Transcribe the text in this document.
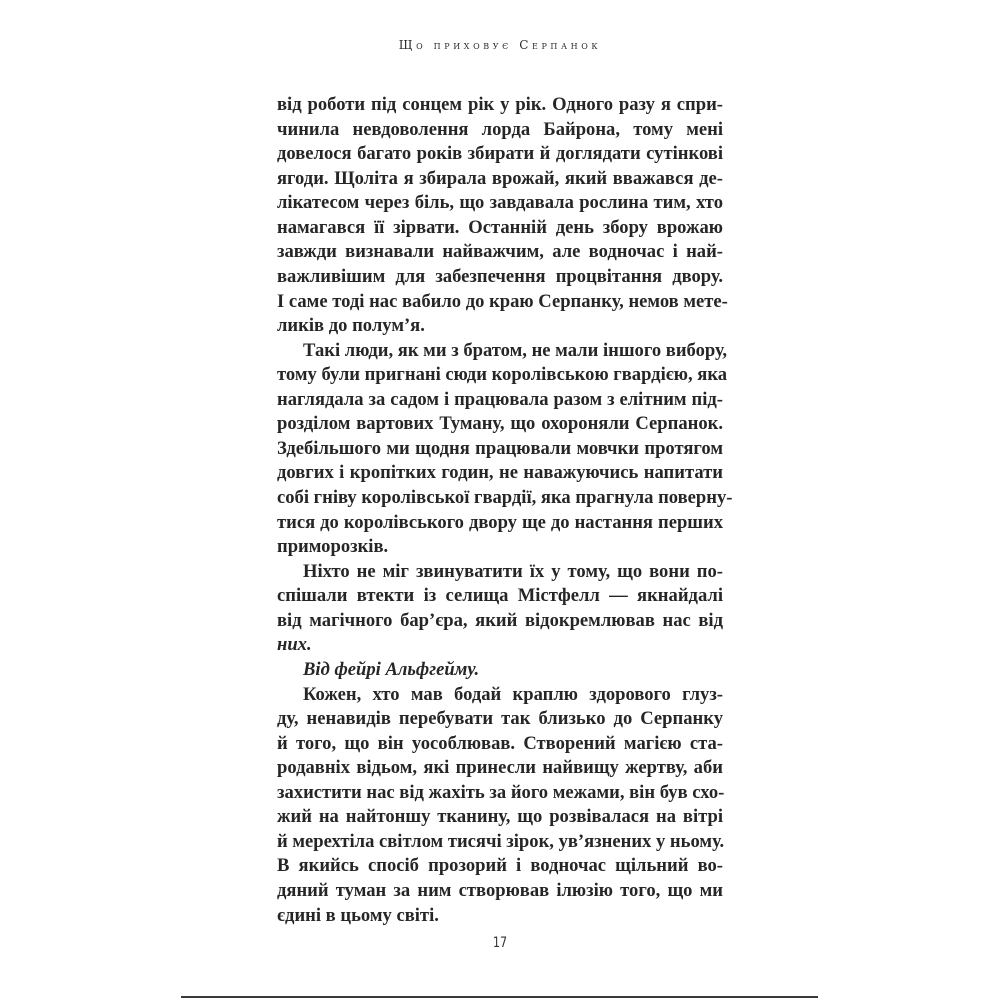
Що приховує Серпанок
від роботи під сонцем рік у рік. Одного разу я спри-
чинила невдоволення лорда Байрона, тому мені
довелося багато років збирати й доглядати сутінкові
ягоди. Щоліта я збирала врожай, який вважався де-
лікатесом через біль, що завдавала рослина тим, хто
намагався її зірвати. Останній день збору врожаю
завжди визнавали найважчим, але водночас і най-
важливішим для забезпечення процвітання двору.
І саме тоді нас вабило до краю Серпанку, немов мете-
ликів до полум’я.
Такі люди, як ми з братом, не мали іншого вибору,
тому були пригнані сюди королівською гвардією, яка
наглядала за садом і працювала разом з елітним під-
розділом вартових Туману, що охороняли Серпанок.
Здебільшого ми щодня працювали мовчки протягом
довгих і кропітких годин, не наважуючись напитати
собі гніву королівської гвардії, яка прагнула поверну-
тися до королівського двору ще до настання перших
приморозків.
Ніхто не міг звинуватити їх у тому, що вони по-
спішали втекти із селища Містфелл — якнайдалі
від магічного бар’єра, який відокремлював нас від
них.
Від фейрі Альфгейму.
Кожен, хто мав бодай краплю здорового глуз-
ду, ненавидів перебувати так близько до Серпанку
й того, що він уособлював. Створений магією ста-
родавніх відьом, які принесли найвищу жертву, аби
захистити нас від жахіть за його межами, він був схо-
жий на найтоншу тканину, що розвівалася на вітрі
й мерехтіла світлом тисячі зірок, ув’язнених у ньому.
В якийсь спосіб прозорий і водночас щільний во-
дяний туман за ним створював ілюзію того, що ми
єдині в цьому світі.
17
